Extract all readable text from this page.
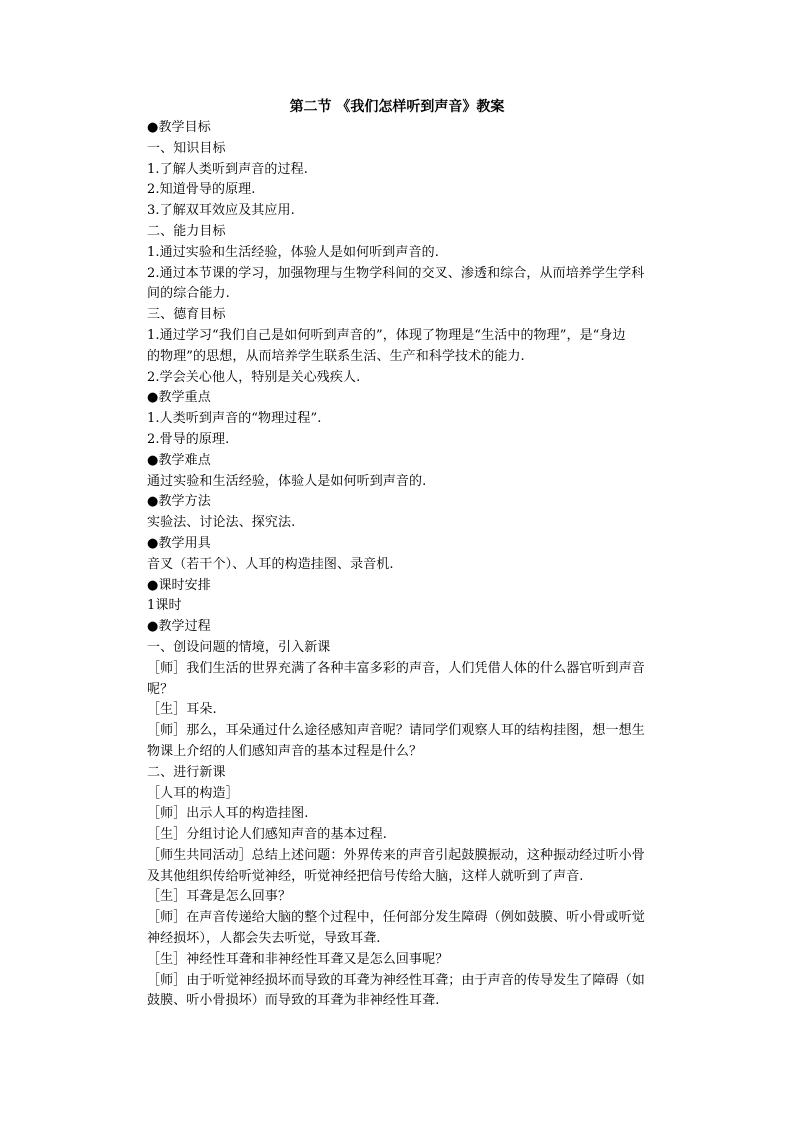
第二节 《我们怎样听到声音》教案
●教学目标
一、知识目标
1.了解人类听到声音的过程.
2.知道骨导的原理.
3.了解双耳效应及其应用.
二、能力目标
1.通过实验和生活经验，体验人是如何听到声音的.
2.通过本节课的学习，加强物理与生物学科间的交叉、渗透和综合，从而培养学生学科
间的综合能力.
三、德育目标
1.通过学习“我们自己是如何听到声音的”，体现了物理是“生活中的物理”，是“身边
的物理”的思想，从而培养学生联系生活、生产和科学技术的能力.
2.学会关心他人，特别是关心残疾人.
●教学重点
1.人类听到声音的“物理过程”.
2.骨导的原理.
●教学难点
通过实验和生活经验，体验人是如何听到声音的.
●教学方法
实验法、讨论法、探究法.
●教学用具
音叉（若干个）、人耳的构造挂图、录音机.
●课时安排
1课时
●教学过程
一、创设问题的情境，引入新课
［师］我们生活的世界充满了各种丰富多彩的声音，人们凭借人体的什么器官听到声音
呢？
［生］耳朵.
［师］那么，耳朵通过什么途径感知声音呢？请同学们观察人耳的结构挂图，想一想生
物课上介绍的人们感知声音的基本过程是什么？
二、进行新课
［人耳的构造］
［师］出示人耳的构造挂图.
［生］分组讨论人们感知声音的基本过程.
［师生共同活动］总结上述问题：外界传来的声音引起鼓膜振动，这种振动经过听小骨
及其他组织传给听觉神经，听觉神经把信号传给大脑，这样人就听到了声音.
［生］耳聋是怎么回事？
［师］在声音传递给大脑的整个过程中，任何部分发生障碍（例如鼓膜、听小骨或听觉
神经损坏），人都会失去听觉，导致耳聋.
［生］神经性耳聋和非神经性耳聋又是怎么回事呢？
［师］由于听觉神经损坏而导致的耳聋为神经性耳聋；由于声音的传导发生了障碍（如
鼓膜、听小骨损坏）而导致的耳聋为非神经性耳聋.
